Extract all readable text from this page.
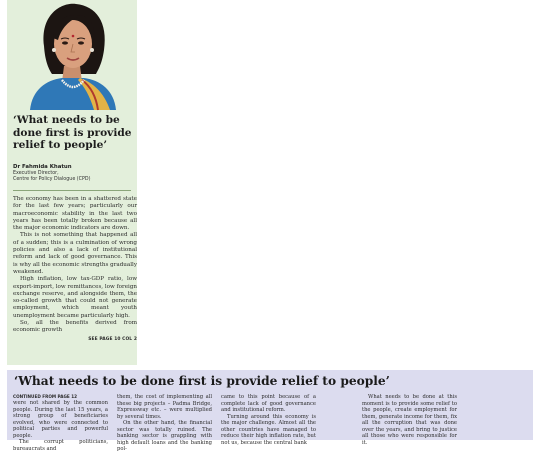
‘What needs to be done first is provide relief to people’
Dr Fahmida Khatun
Executive Director,
Centre for Policy Dialogue (CPD)

The economy has been in a shattered state for the last few years; particularly our macroeconomic stability in the last two years has been totally broken because all the major economic indicators are down.

This is not something that happened all of a sudden; this is a culmination of wrong policies and also a lack of institutional reform and lack of good governance. This is why all the economic strengths gradually weakened.

High inflation, low tax-GDP ratio, low export-import, low remittances, low foreign exchange reserve, and alongside them, the so-called growth that could not generate employment, which meant youth unemployment became particularly high.

So, all the benefits derived from economic growth
SEE PAGE 10 COL 2

‘What needs to be done first is provide relief to people’

CONTINUED FROM PAGE 12

were not shared by the common people. During the last 15 years, a strong group of beneficiaries evolved, who were connected to political parties and powerful people.

The corrupt politicians, bureaucrats and

them, the cost of implementing all these big projects – Padma Bridge, Expressway etc. – were multiplied by several times.

On the other hand, the financial sector was totally ruined. The banking sector is grappling with high default loans and the banking pol-

came to this point because of a complete lack of good governance and institutional reform.

Turning around this economy is the major challenge. Almost all the other countries have managed to reduce their high inflation rate, but not us, because the central bank

What needs to be done at this moment is to provide some relief to the people, create employment for them, generate income for them, fix all the corruption that was done over the years, and bring to justice all those who were responsible for it.
